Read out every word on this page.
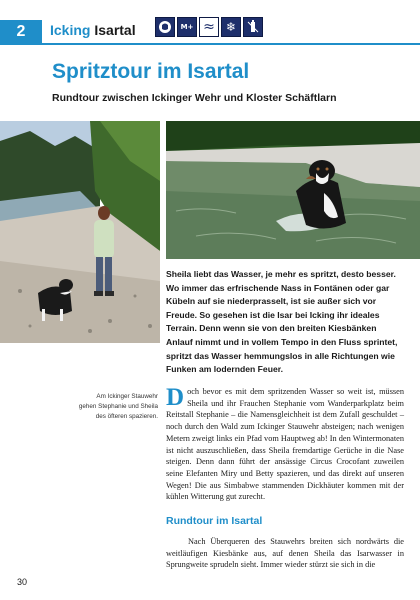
2	Icking Isartal	M+ ≈ ❄
Spritztour im Isartal
Rundtour zwischen Ickinger Wehr und Kloster Schäftlarn
Sheila liebt das Wasser, je mehr es spritzt, desto besser. Wo immer das erfrischende Nass in Fontänen oder gar Kübeln auf sie niederprasselt, ist sie außer sich vor Freude. So gesehen ist die Isar bei Icking ihr ideales Terrain. Denn wenn sie von den breiten Kiesbänken Anlauf nimmt und in vollem Tempo in den Fluss sprintet, spritzt das Wasser hemmungslos in alle Richtungen wie Funken am lodernden Feuer.
Am Ickinger Stauwehr
gehen Stephanie und Sheila
des öfteren spazieren.
D och bevor es mit dem spritzenden Wasser so weit ist, müssen Sheila und ihr Frauchen Stephanie vom Wanderparkplatz beim Reitstall Stephanie – die Namensgleichheit ist dem Zufall geschuldet – noch durch den Wald zum Ickinger Stauwehr absteigen; nach wenigen Metern zweigt links ein Pfad vom Hauptweg ab! In den Wintermonaten ist nicht auszuschließen, dass Sheila fremdartige Gerüche in die Nase steigen. Denn dann führt der ansässige Circus Crocofant zuweilen seine Elefanten Miry und Betty spazieren, und das direkt auf unseren Wegen! Die aus Simbabwe stammenden Dickhäuter kommen mit der kühlen Witterung gut zurecht.
Rundtour im Isartal
Nach Überqueren des Stauwehrs breiten sich nordwärts die weitläufigen Kiesbänke aus, auf denen Sheila das Isarwasser in Sprungweite sprudeln sieht. Immer wieder stürzt sie sich in die
30
